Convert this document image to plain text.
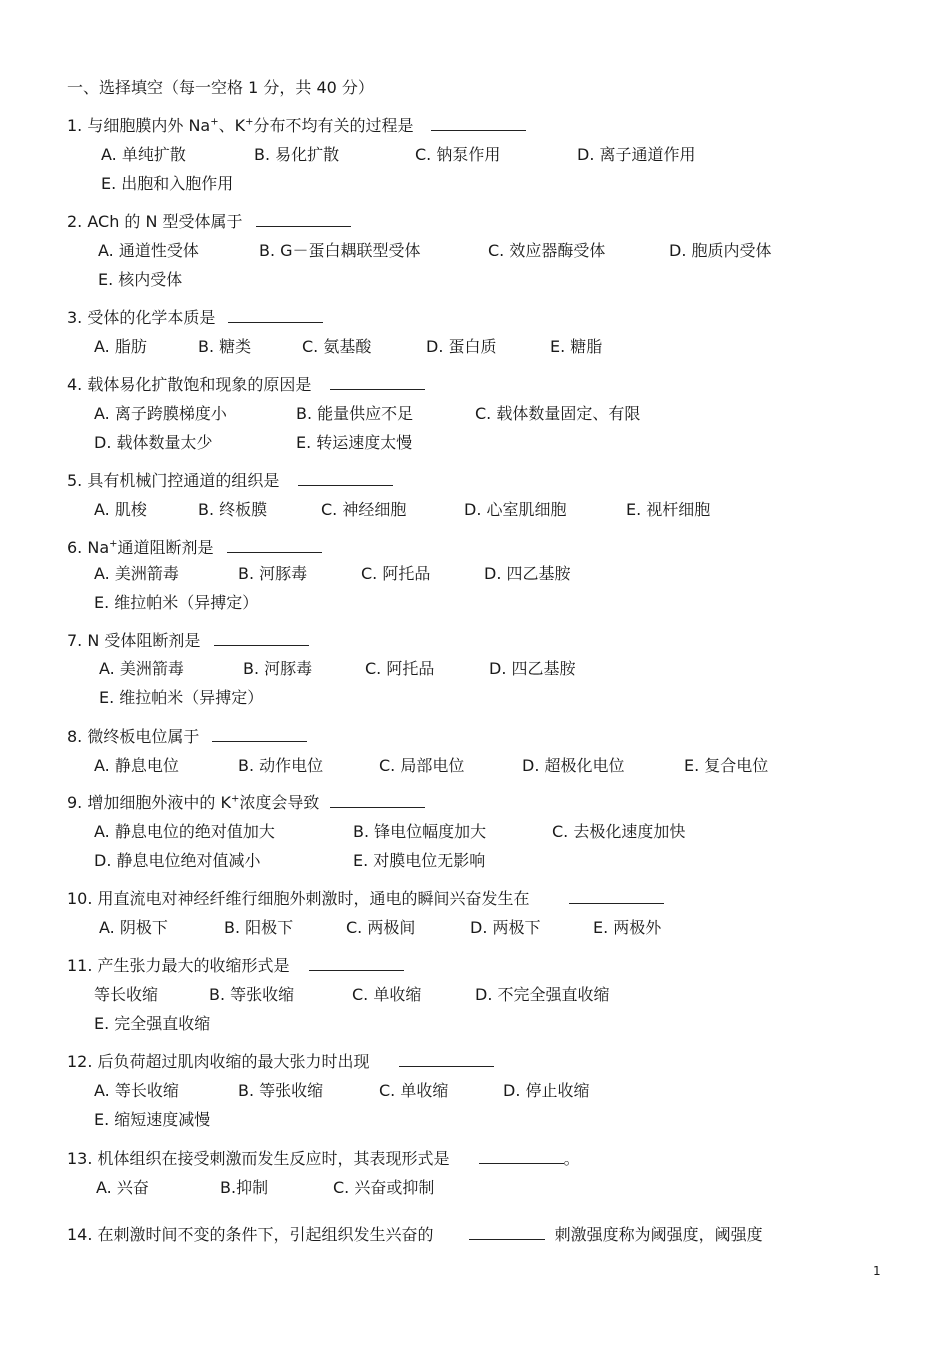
一、选择填空（每一空格 1 分，共 40 分）
1. 与细胞膜内外 Na+、K+分布不均有关的过程是
A. 单纯扩散	B. 易化扩散	C. 钠泵作用	D. 离子通道作用
E. 出胞和入胞作用
2. ACh 的 N 型受体属于
A. 通道性受体	B. G－蛋白耦联型受体	C. 效应器酶受体	D. 胞质内受体
E. 核内受体
3. 受体的化学本质是
A. 脂肪	B. 糖类	C. 氨基酸	D. 蛋白质	E. 糖脂
4. 载体易化扩散饱和现象的原因是
A. 离子跨膜梯度小	B. 能量供应不足	C. 载体数量固定、有限
D. 载体数量太少	E. 转运速度太慢
5. 具有机械门控通道的组织是
A. 肌梭	B. 终板膜	C. 神经细胞	D. 心室肌细胞	E. 视杆细胞
6. Na+通道阻断剂是
A. 美洲箭毒	B. 河豚毒	C. 阿托品	D. 四乙基胺
E. 维拉帕米（异搏定）
7. N 受体阻断剂是
A. 美洲箭毒	B. 河豚毒	C. 阿托品	D. 四乙基胺
E. 维拉帕米（异搏定）
8. 微终板电位属于
A. 静息电位	B. 动作电位	C. 局部电位	D. 超极化电位	E. 复合电位
9. 增加细胞外液中的 K+浓度会导致
A. 静息电位的绝对值加大	B. 锋电位幅度加大	C. 去极化速度加快
D. 静息电位绝对值减小	E. 对膜电位无影响
10. 用直流电对神经纤维行细胞外刺激时，通电的瞬间兴奋发生在
A. 阴极下	B. 阳极下	C. 两极间	D. 两极下	E. 两极外
11. 产生张力最大的收缩形式是
等长收缩	B. 等张收缩	C. 单收缩	D. 不完全强直收缩
E. 完全强直收缩
12. 后负荷超过肌肉收缩的最大张力时出现
A. 等长收缩	B. 等张收缩	C. 单收缩	D. 停止收缩
E. 缩短速度减慢
13. 机体组织在接受刺激而发生反应时，其表现形式是	。
A. 兴奋	B.抑制	C. 兴奋或抑制
14. 在刺激时间不变的条件下，引起组织发生兴奋的	刺激强度称为阈强度，阈强度
1
